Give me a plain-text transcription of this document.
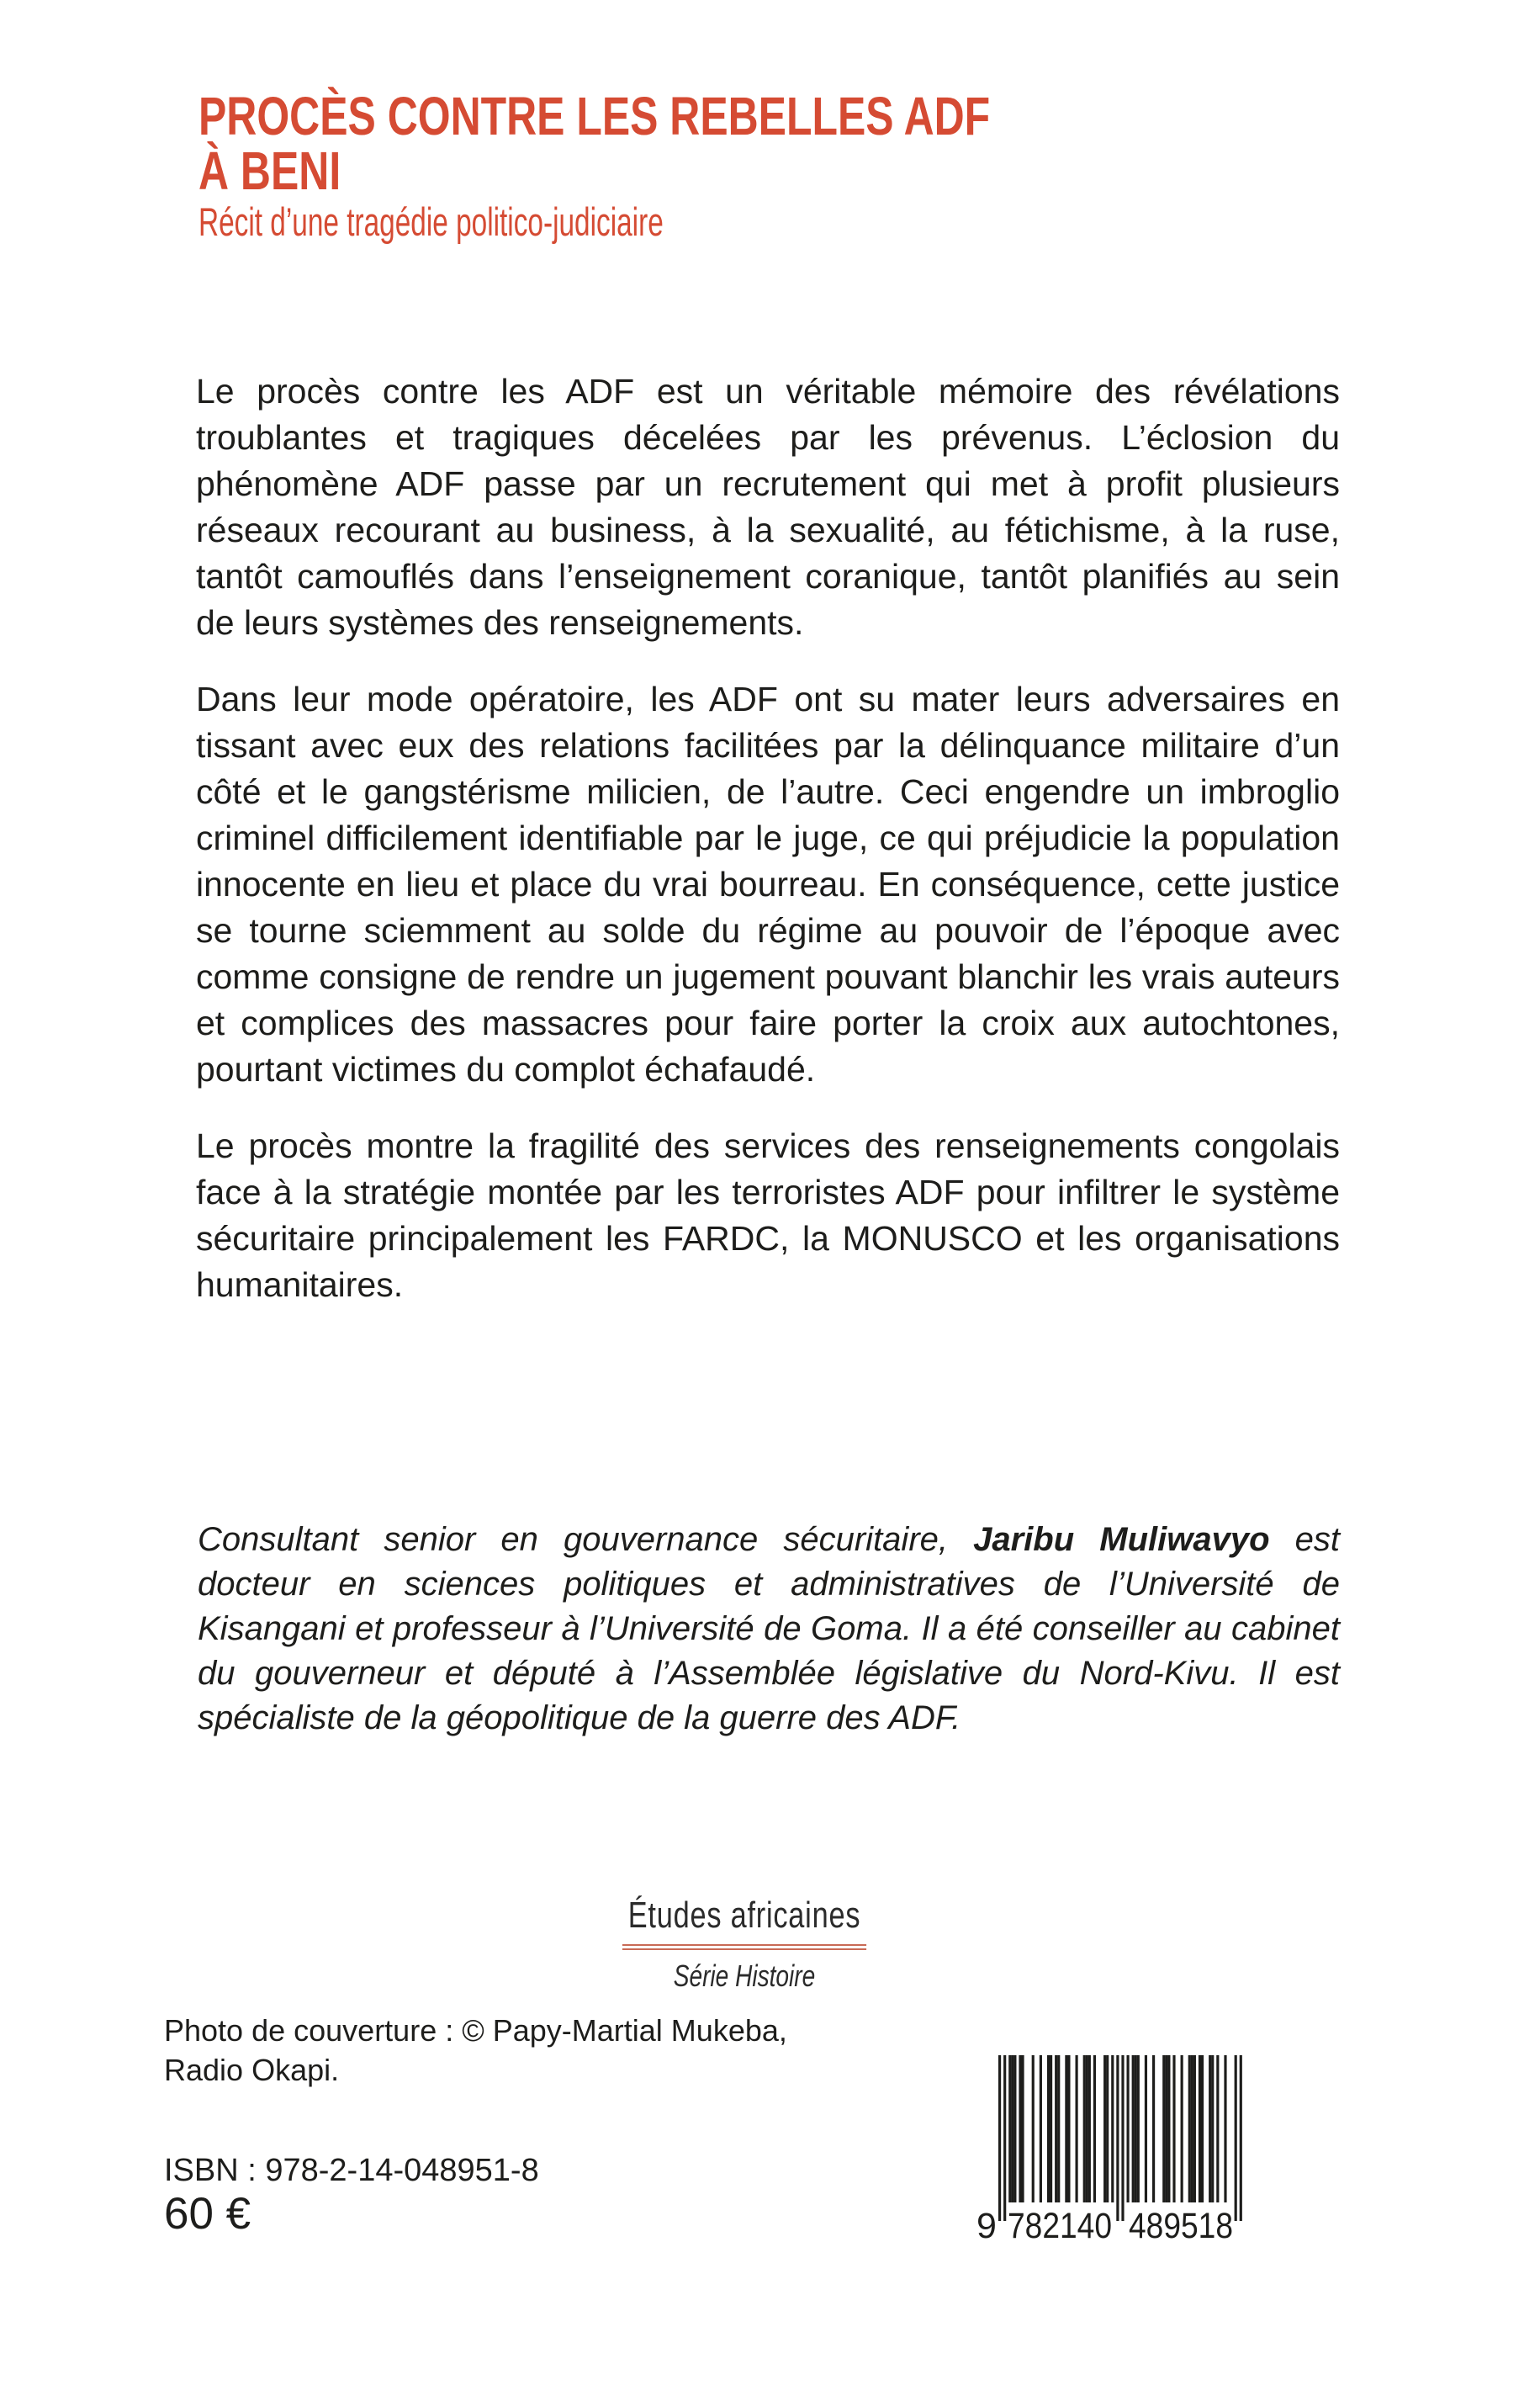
PROCÈS CONTRE LES REBELLES ADF
À BENI
Récit d’une tragédie politico-judiciaire

Le procès contre les ADF est un véritable mémoire des révélations troublantes et tragiques décelées par les prévenus. L’éclosion du phénomène ADF passe par un recrutement qui met à profit plusieurs réseaux recourant au business, à la sexualité, au fétichisme, à la ruse, tantôt camouflés dans l’enseignement coranique, tantôt planifiés au sein de leurs systèmes des renseignements.

Dans leur mode opératoire, les ADF ont su mater leurs adversaires en tissant avec eux des relations facilitées par la délinquance militaire d’un côté et le gangstérisme milicien, de l’autre. Ceci engendre un imbroglio criminel difficilement identifiable par le juge, ce qui préjudicie la population innocente en lieu et place du vrai bourreau. En conséquence, cette justice se tourne sciemment au solde du régime au pouvoir de l’époque avec comme consigne de rendre un jugement pouvant blanchir les vrais auteurs et complices des massacres pour faire porter la croix aux autochtones, pourtant victimes du complot échafaudé.

Le procès montre la fragilité des services des renseignements congolais face à la stratégie montée par les terroristes ADF pour infiltrer le système sécuritaire principalement les FARDC, la MONUSCO et les organisations humanitaires.

Consultant senior en gouvernance sécuritaire, Jaribu Muliwavyo est docteur en sciences politiques et administratives de l’Université de Kisangani et professeur à l’Université de Goma. Il a été conseiller au cabinet du gouverneur et député à l’Assemblée législative du Nord-Kivu. Il est spécialiste de la géopolitique de la guerre des ADF.

Études africaines
Série Histoire
Photo de couverture : © Papy-Martial Mukeba,
Radio Okapi.
ISBN : 978-2-14-048951-8
60 €	9 782140 489518
